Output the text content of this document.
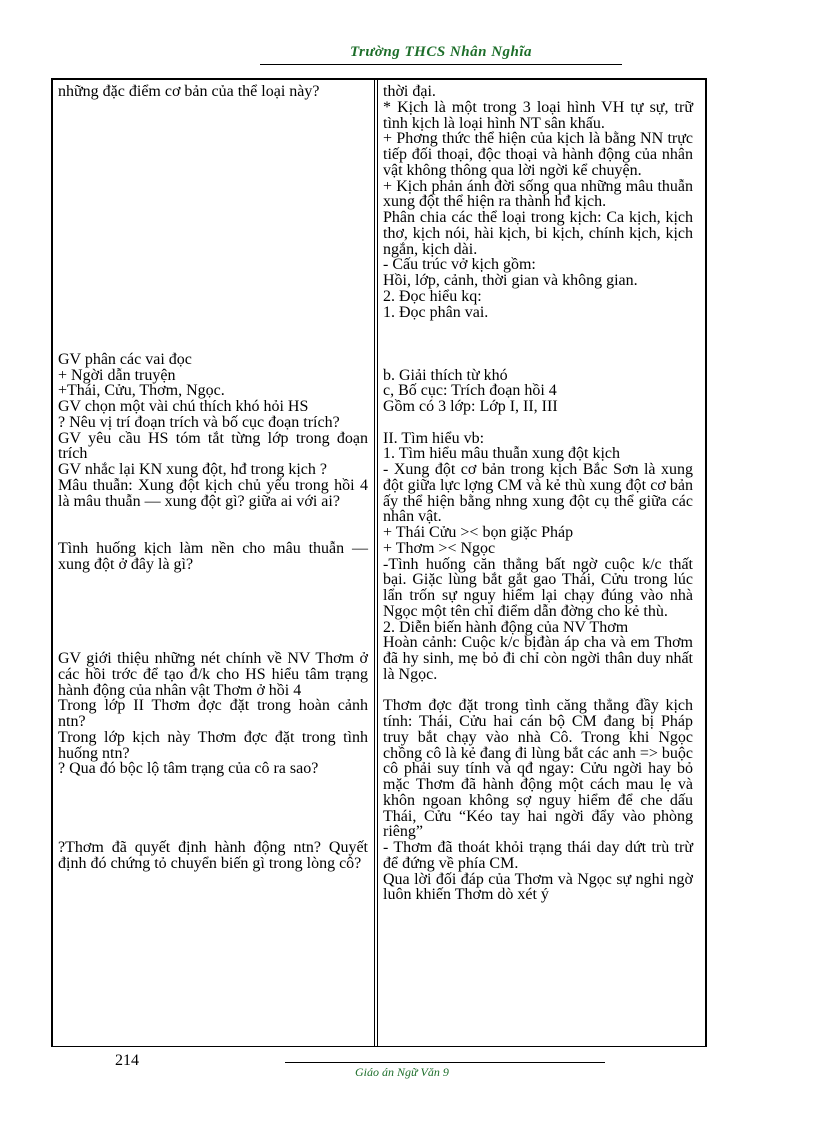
Trường THCS Nhân Nghĩa

những đặc điểm cơ bản của thể loại này?

GV phân các vai đọc

+ Ngời dẫn truyện

+Thái, Cửu, Thơm, Ngọc.

GV chọn một vài chú thích khó hỏi HS

? Nêu vị trí đoạn trích và bố cục đoạn trích?

GV yêu cầu HS tóm tắt từng lớp trong đoạn trích

GV nhắc lại KN xung đột, hđ trong kịch ?

Mâu thuẫn: Xung đột kịch chủ yếu trong hồi 4 là mâu thuẫn — xung đột gì? giữa ai với ai?

Tình huống kịch làm nền cho mâu thuẫn — xung đột ở đây là gì?

GV giới thiệu những nét chính về NV Thơm ở các hồi trớc để tạo đ/k cho HS hiểu tâm trạng hành động của nhân vật Thơm ở hồi 4

Trong lớp II Thơm đợc đặt trong hoàn cảnh ntn?

Trong lớp kịch này Thơm đợc đặt trong tình huống ntn?

? Qua đó bộc lộ tâm trạng của cô ra sao?

?Thơm đã quyết định hành động ntn? Quyết định đó chứng tỏ chuyển biến gì trong lòng cô?

thời đại.

* Kịch là một trong 3 loại hình VH tự sự, trữ tình kịch là loại hình NT sân khấu.

+ Phơng thức thể hiện của kịch là bằng NN trực tiếp đối thoại, độc thoại và hành động của nhân vật không thông qua lời ngời kể chuyện.

+ Kịch phản ánh đời sống qua những mâu thuẫn xung đột thể hiện ra thành hđ kịch.

Phân chia các thể loại trong kịch: Ca kịch, kịch thơ, kịch nói, hài kịch, bi kịch, chính kịch, kịch ngắn, kịch dài.

- Cấu trúc vở kịch gồm:

Hồi, lớp, cảnh, thời gian và không gian.

2. Đọc hiểu kq:

1. Đọc phân vai.

b. Giải thích từ khó

c, Bố cục: Trích đoạn hồi 4

Gồm có 3 lớp: Lớp I, II, III

II. Tìm hiểu vb:

1. Tìm hiểu mâu thuẫn xung đột kịch

- Xung đột cơ bản trong kịch Bắc Sơn là xung đột giữa lực lợng CM và kẻ thù xung đột cơ bản ấy thể hiện bằng nhng xung đột cụ thể giữa các nhân vật.

+ Thái Cửu >< bọn giặc Pháp

+ Thơm >< Ngọc

-Tình huống căn thẳng bất ngờ cuộc k/c thất bại. Giặc lùng bắt gắt gao Thái, Cửu trong lúc lẩn trốn sự nguy hiểm lại chạy đúng vào nhà Ngọc một tên chỉ điểm dẫn đờng cho kẻ thù.

2. Diễn biến hành động của NV Thơm

Hoàn cảnh: Cuộc k/c bịđàn áp cha và em Thơm đã hy sinh, mẹ bỏ đi chỉ còn ngời thân duy nhất là Ngọc.

Thơm đợc đặt trong tình căng thẳng đầy kịch tính: Thái, Cửu hai cán bộ CM đang bị Pháp truy bắt chạy vào nhà Cô. Trong khi Ngọc chồng cô là kẻ đang đi lùng bắt các anh => buộc cô phải suy tính và qđ ngay: Cửu ngời hay bỏ mặc Thơm đã hành động một cách mau lẹ và khôn ngoan không sợ nguy hiểm để che dấu Thái, Cửu “Kéo tay hai ngời đẩy vào phòng riêng”

- Thơm đã thoát khỏi trạng thái day dứt trù trừ để đứng về phía CM.

Qua lời đối đáp của Thơm và Ngọc sự nghi ngờ luôn khiến Thơm dò xét ý

214
Giáo án Ngữ Văn 9
